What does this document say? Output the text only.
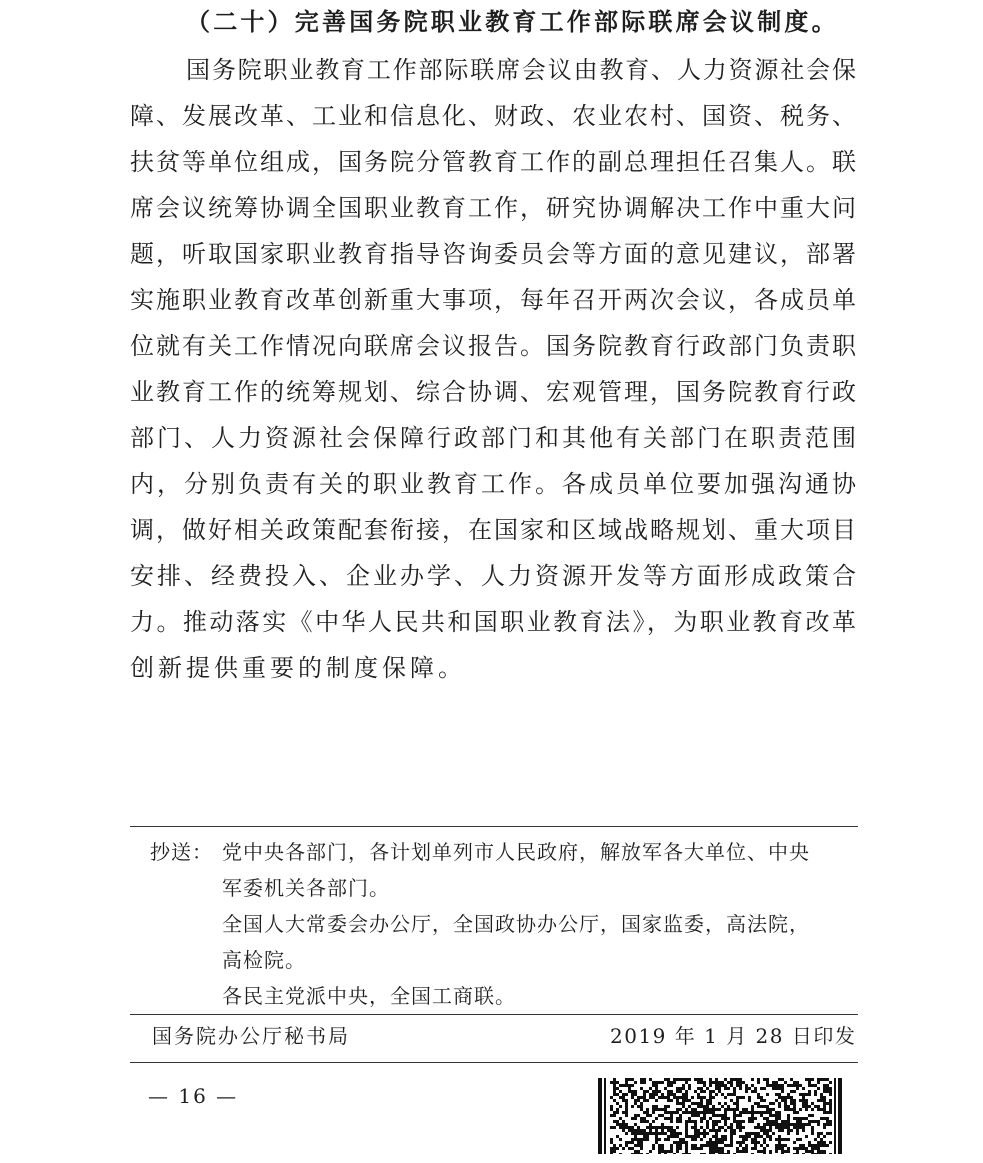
（二十）完善国务院职业教育工作部际联席会议制度。
国务院职业教育工作部际联席会议由教育、人力资源社会保
障、发展改革、工业和信息化、财政、农业农村、国资、税务、
扶贫等单位组成，国务院分管教育工作的副总理担任召集人。联
席会议统筹协调全国职业教育工作，研究协调解决工作中重大问
题，听取国家职业教育指导咨询委员会等方面的意见建议，部署
实施职业教育改革创新重大事项，每年召开两次会议，各成员单
位就有关工作情况向联席会议报告。国务院教育行政部门负责职
业教育工作的统筹规划、综合协调、宏观管理，国务院教育行政
部门、人力资源社会保障行政部门和其他有关部门在职责范围
内，分别负责有关的职业教育工作。各成员单位要加强沟通协
调，做好相关政策配套衔接，在国家和区域战略规划、重大项目
安排、经费投入、企业办学、人力资源开发等方面形成政策合
力。推动落实《中华人民共和国职业教育法》，为职业教育改革
创新提供重要的制度保障。
抄送： 党中央各部门，各计划单列市人民政府，解放军各大单位、中央
军委机关各部门。
全国人大常委会办公厅，全国政协办公厅，国家监委，高法院，
高检院。
各民主党派中央，全国工商联。
国务院办公厅秘书局	2019 年 1 月 28 日印发
— 16 —
